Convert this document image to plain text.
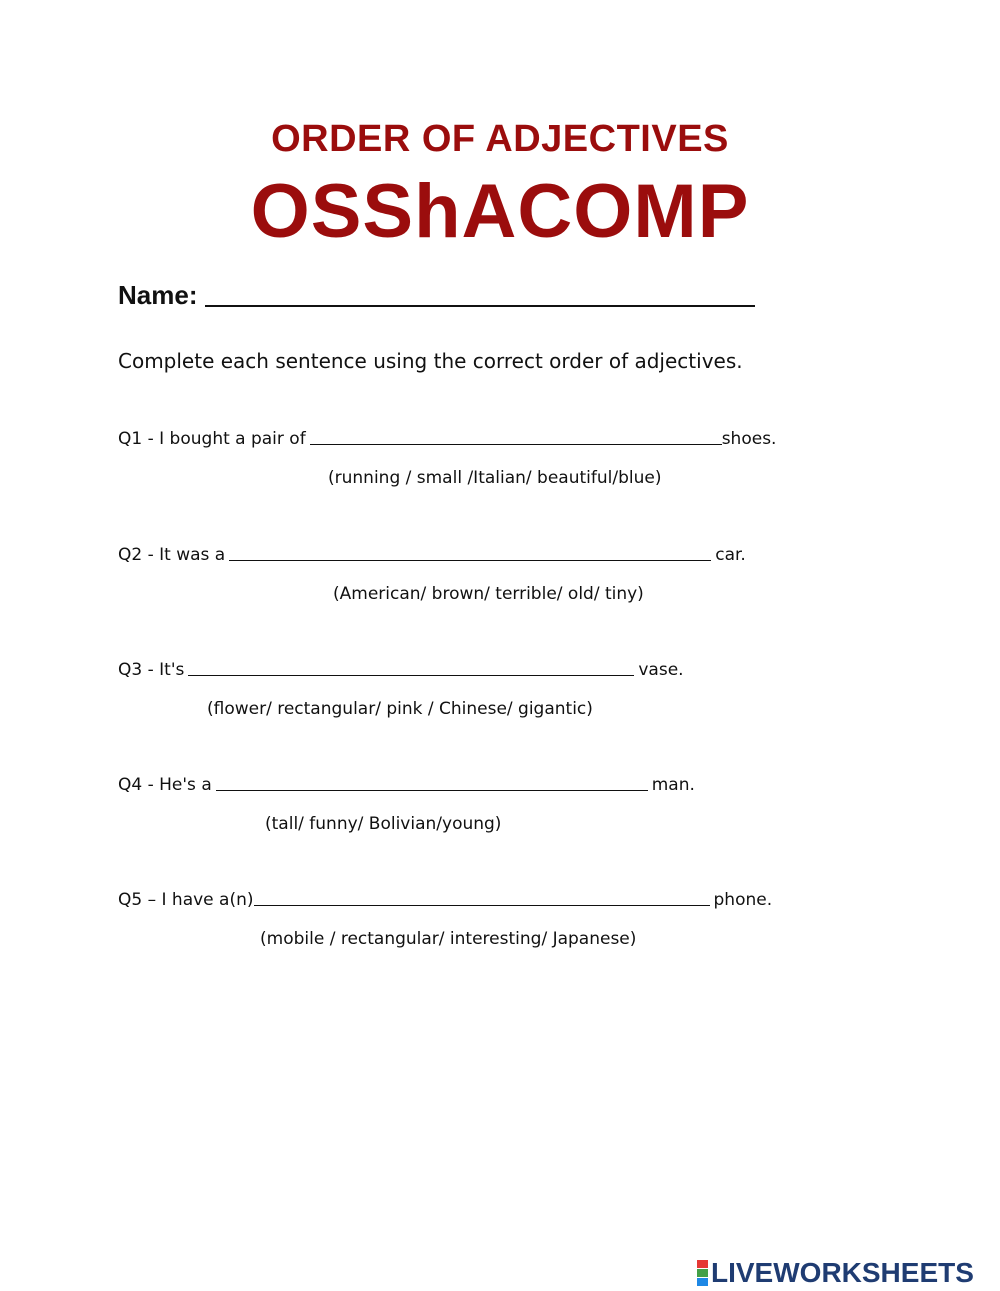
ORDER OF ADJECTIVES
OSShACOMP
Name:

Complete each sentence using the correct order of adjectives.

Q1 - I bought a pair of	shoes.

(running / small /Italian/ beautiful/blue)

Q2 - It was a	car.

(American/ brown/ terrible/ old/ tiny)

Q3 - It's	vase.

(flower/ rectangular/ pink / Chinese/ gigantic)

Q4 - He's a	man.

(tall/ funny/ Bolivian/young)

Q5 – I have a(n)	phone.

(mobile / rectangular/ interesting/ Japanese)

LIVEWORKSHEETS
